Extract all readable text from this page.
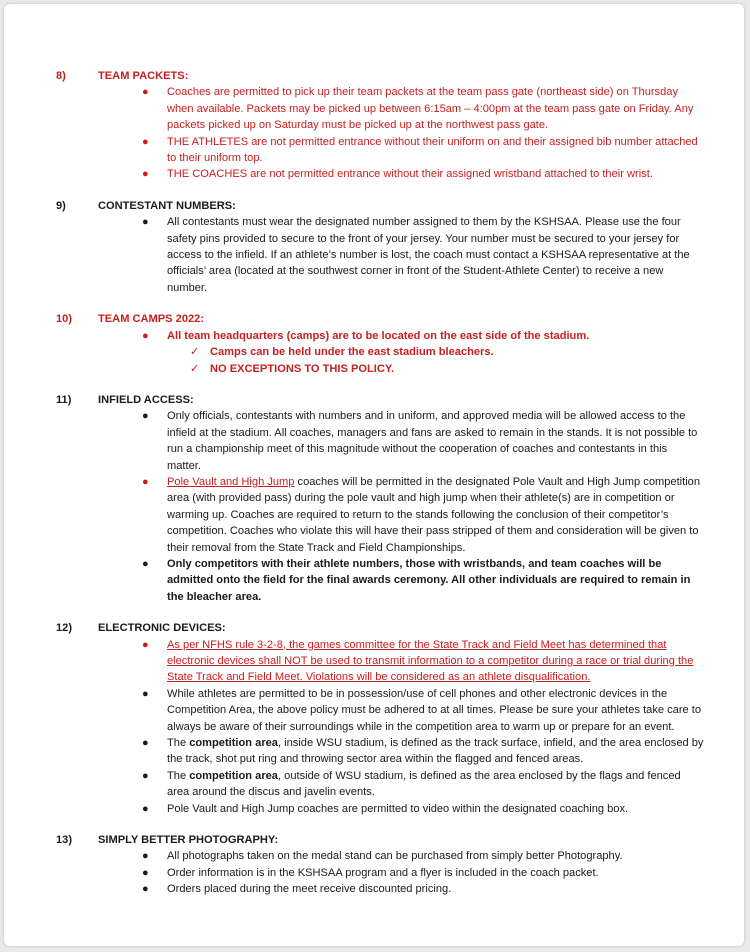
8)	TEAM PACKETS:
● Coaches are permitted to pick up their team packets at the team pass gate (northeast side) on Thursday when available. Packets may be picked up between 6:15am – 4:00pm at the team pass gate on Friday. Any packets picked up on Saturday must be picked up at the northwest pass gate.
● THE ATHLETES are not permitted entrance without their uniform on and their assigned bib number attached to their uniform top.
● THE COACHES are not permitted entrance without their assigned wristband attached to their wrist.
9)	CONTESTANT NUMBERS:
● All contestants must wear the designated number assigned to them by the KSHSAA. Please use the four safety pins provided to secure to the front of your jersey. Your number must be secured to your jersey for access to the infield. If an athlete’s number is lost, the coach must contact a KSHSAA representative at the officials’ area (located at the southwest corner in front of the Student-Athlete Center) to receive a new number.
10) TEAM CAMPS 2022:
● All team headquarters (camps) are to be located on the east side of the stadium.
✓ Camps can be held under the east stadium bleachers.
✓ NO EXCEPTIONS TO THIS POLICY.
11) INFIELD ACCESS:
● Only officials, contestants with numbers and in uniform, and approved media will be allowed access to the infield at the stadium. All coaches, managers and fans are asked to remain in the stands. It is not possible to run a championship meet of this magnitude without the cooperation of coaches and contestants in this matter.
● Pole Vault and High Jump coaches will be permitted in the designated Pole Vault and High Jump competition area (with provided pass) during the pole vault and high jump when their athlete(s) are in competition or warming up. Coaches are required to return to the stands following the conclusion of their competitor’s competition. Coaches who violate this will have their pass stripped of them and consideration will be given to their removal from the State Track and Field Championships.
● Only competitors with their athlete numbers, those with wristbands, and team coaches will be admitted onto the field for the final awards ceremony. All other individuals are required to remain in the bleacher area.
12) ELECTRONIC DEVICES:
● As per NFHS rule 3-2-8, the games committee for the State Track and Field Meet has determined that electronic devices shall NOT be used to transmit information to a competitor during a race or trial during the State Track and Field Meet. Violations will be considered as an athlete disqualification.
● While athletes are permitted to be in possession/use of cell phones and other electronic devices in the Competition Area, the above policy must be adhered to at all times. Please be sure your athletes take care to always be aware of their surroundings while in the competition area to warm up or prepare for an event.
● The competition area, inside WSU stadium, is defined as the track surface, infield, and the area enclosed by the track, shot put ring and throwing sector area within the flagged and fenced areas.
● The competition area, outside of WSU stadium, is defined as the area enclosed by the flags and fenced area around the discus and javelin events.
● Pole Vault and High Jump coaches are permitted to video within the designated coaching box.
13) SIMPLY BETTER PHOTOGRAPHY:
● All photographs taken on the medal stand can be purchased from simply better Photography.
● Order information is in the KSHSAA program and a flyer is included in the coach packet.
● Orders placed during the meet receive discounted pricing.
